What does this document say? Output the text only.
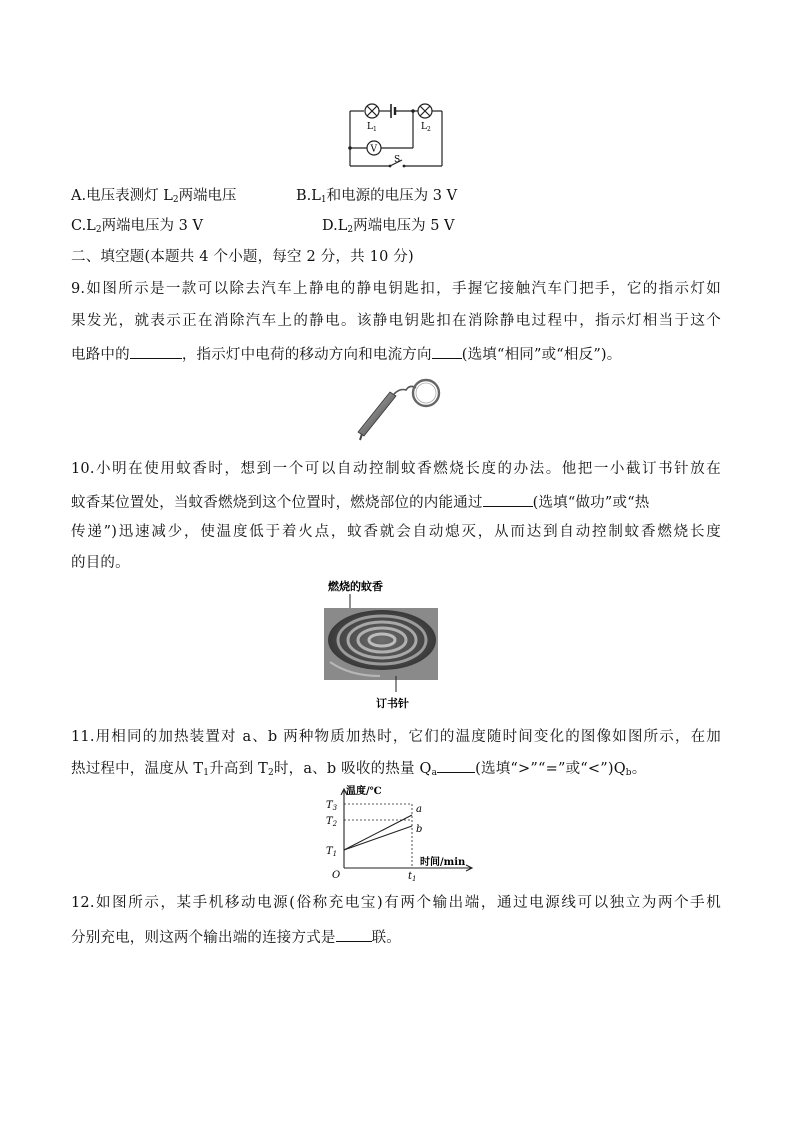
V
$L_1$	$L_2$
S
A.电压表测灯 $L_2$两端电压	$B.L_1$和电源的电压为 3 V
$C.L_2$两端电压为 3 V	$D.L_2$两端电压为 5 V
二、填空题(本题共 4 个小题，每空 2 分，共 10 分)
9.如图所示是一款可以除去汽车上静电的静电钥匙扣，手握它接触汽车门把手，它的指示灯如
果发光，就表示正在消除汽车上的静电。该静电钥匙扣在消除静电过程中，指示灯相当于这个
电路中的	，指示灯中电荷的移动方向和电流方向 (选填“相同”或“相反”)。
10.小明在使用蚊香时，想到一个可以自动控制蚊香燃烧长度的办法。他把一小截订书针放在
蚊香某位置处，当蚊香燃烧到这个位置时，燃烧部位的内能通过	(选填“做功”或“热
传递”)迅速减少，使温度低于着火点，蚊香就会自动熄灭，从而达到自动控制蚊香燃烧长度
的目的。
燃烧的蚊香
订书针
11.用相同的加热装置对 a、b 两种物质加热时，它们的温度随时间变化的图像如图所示，在加
热过程中，温度从 $T_1$升高到 $T_2$时，a、b 吸收的热量 $Q_a$	(选填“>”“=”或“$<”)Q_b$。
温度/℃
时间/min
$T_3$
$T_2$
$T_1$
O	$t_1$
a
b
12.如图所示，某手机移动电源(俗称充电宝)有两个输出端，通过电源线可以独立为两个手机
分别充电，则这两个输出端的连接方式是 联。
